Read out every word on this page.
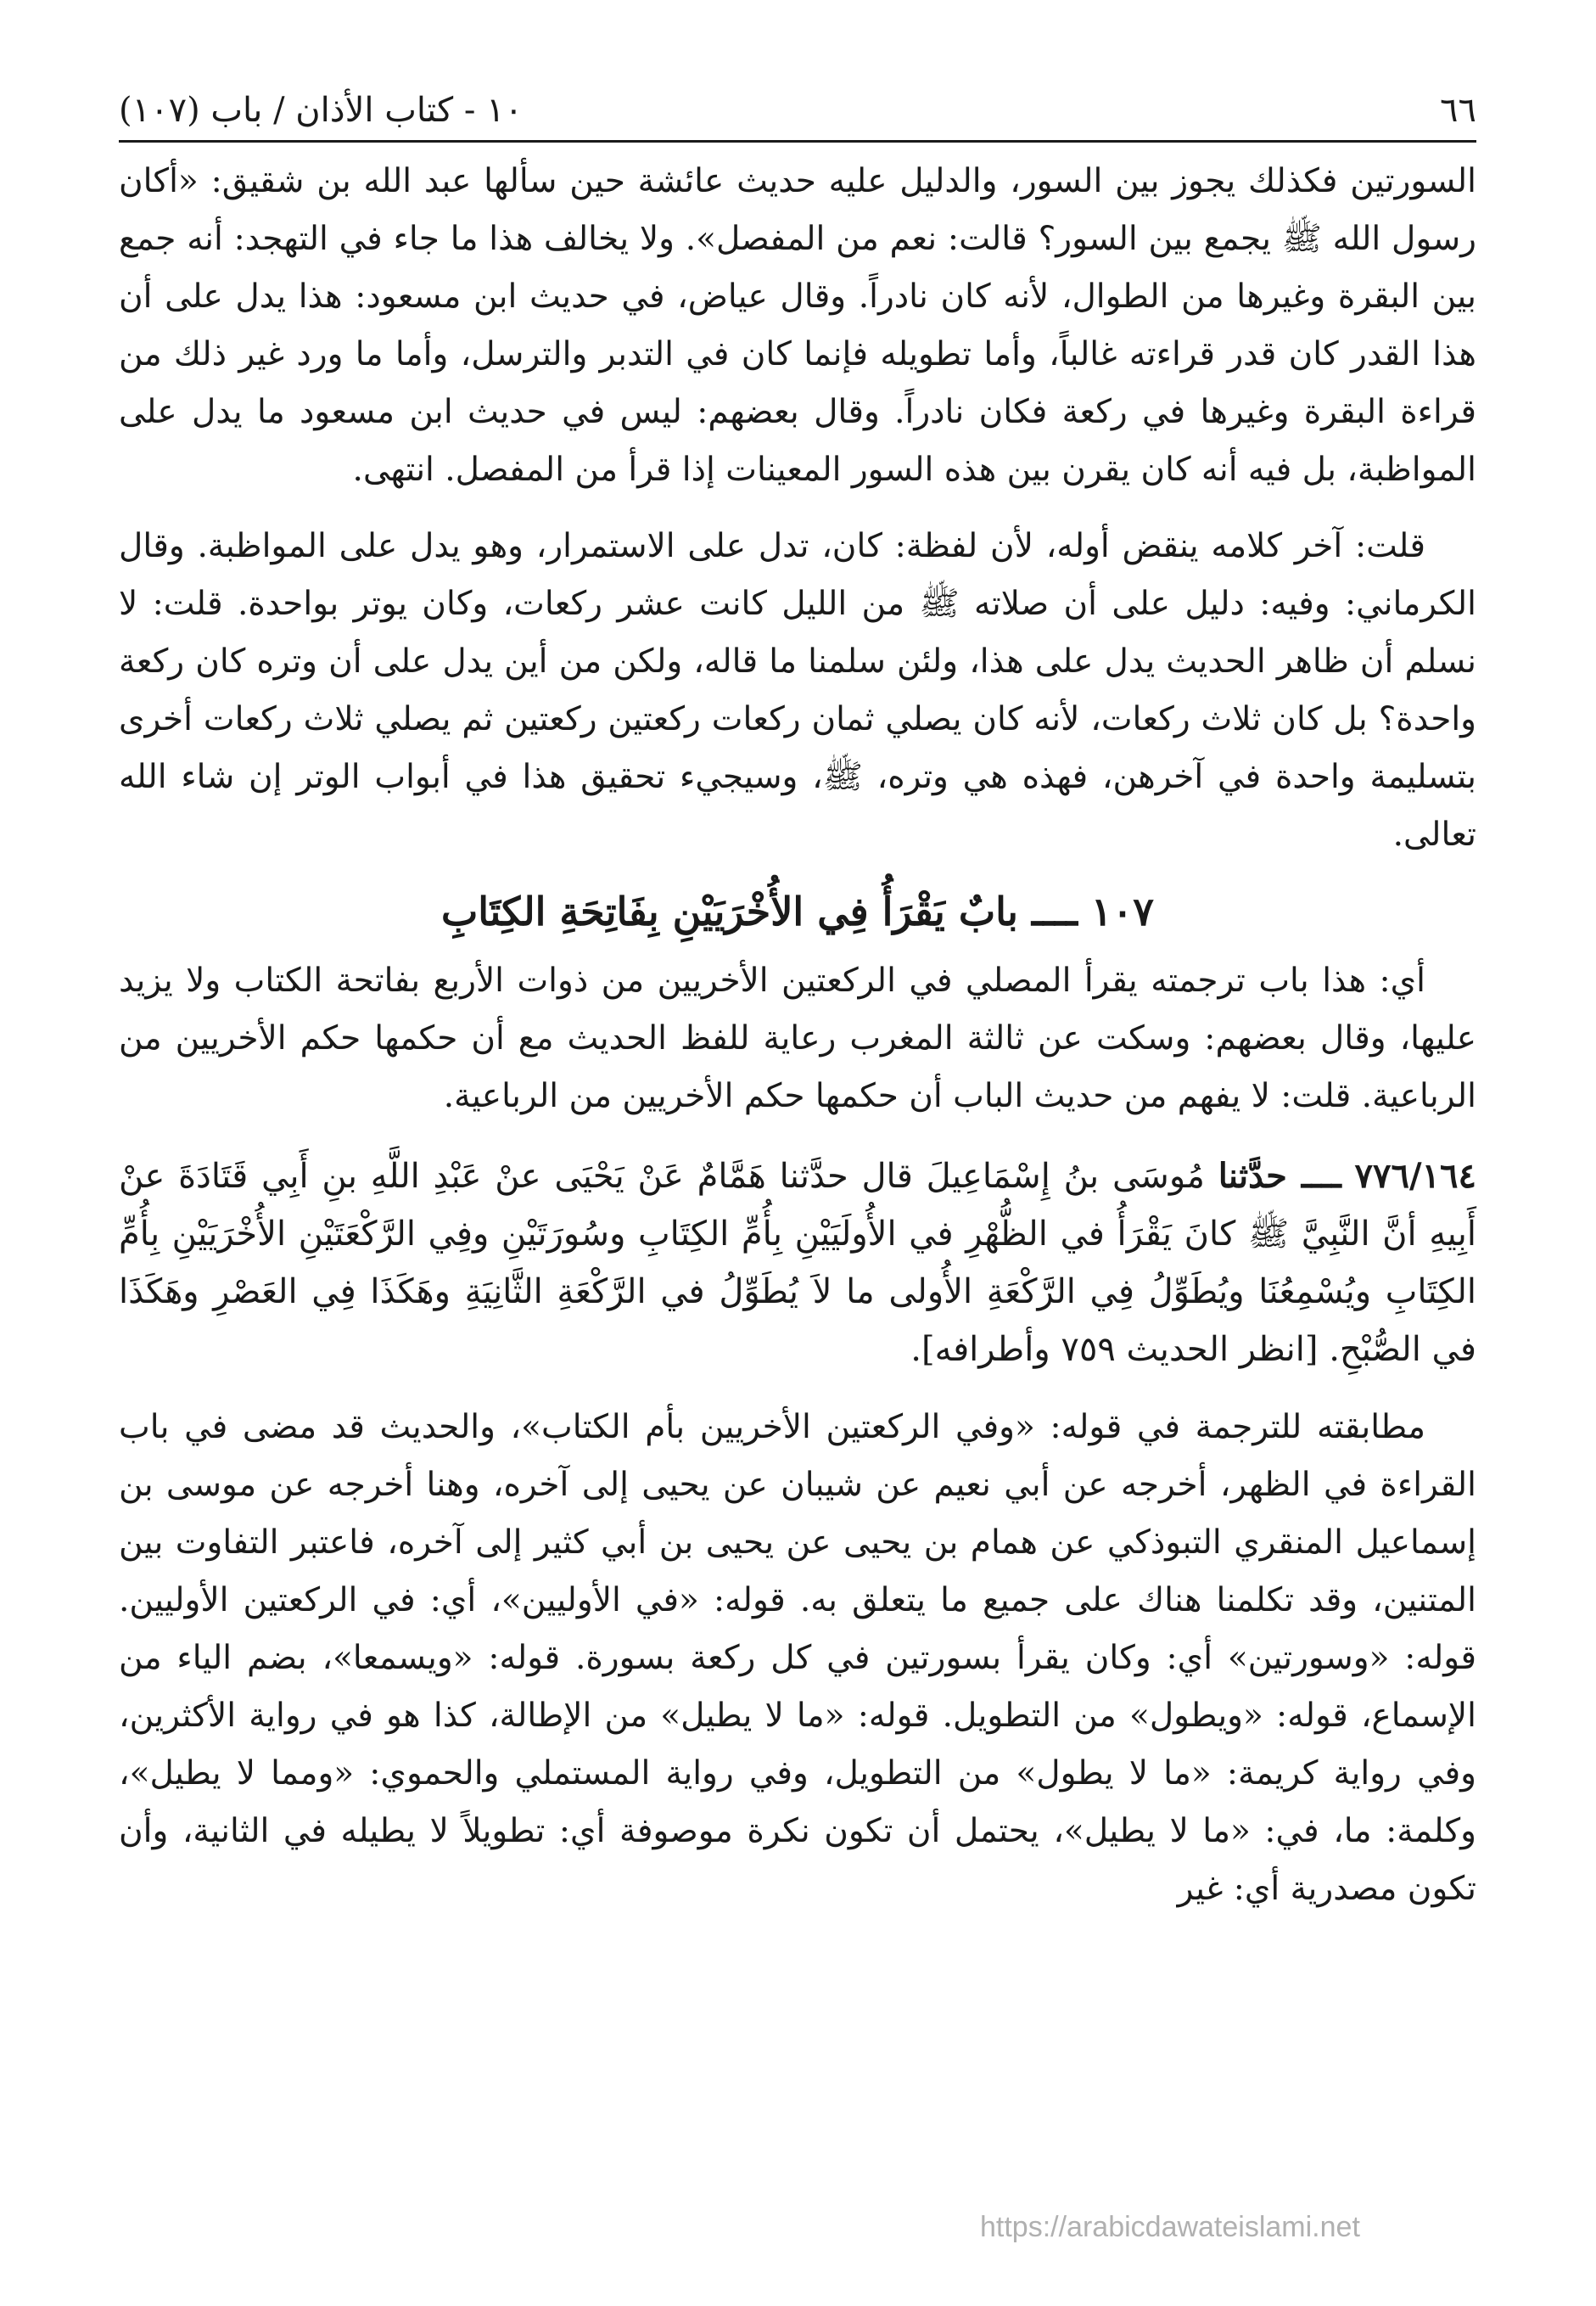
٦٦
١٠ - كتاب الأذان / باب (١٠٧)

السورتين فكذلك يجوز بين السور، والدليل عليه حديث عائشة حين سألها عبد الله بن شقيق: «أكان رسول الله ﷺ يجمع بين السور؟ قالت: نعم من المفصل». ولا يخالف هذا ما جاء في التهجد: أنه جمع بين البقرة وغيرها من الطوال، لأنه كان نادراً. وقال عياض، في حديث ابن مسعود: هذا يدل على أن هذا القدر كان قدر قراءته غالباً، وأما تطويله فإنما كان في التدبر والترسل، وأما ما ورد غير ذلك من قراءة البقرة وغيرها في ركعة فكان نادراً. وقال بعضهم: ليس في حديث ابن مسعود ما يدل على المواظبة، بل فيه أنه كان يقرن بين هذه السور المعينات إذا قرأ من المفصل. انتهى.

قلت: آخر كلامه ينقض أوله، لأن لفظة: كان، تدل على الاستمرار، وهو يدل على المواظبة. وقال الكرماني: وفيه: دليل على أن صلاته ﷺ من الليل كانت عشر ركعات، وكان يوتر بواحدة. قلت: لا نسلم أن ظاهر الحديث يدل على هذا، ولئن سلمنا ما قاله، ولكن من أين يدل على أن وتره كان ركعة واحدة؟ بل كان ثلاث ركعات، لأنه كان يصلي ثمان ركعات ركعتين ركعتين ثم يصلي ثلاث ركعات أخرى بتسليمة واحدة في آخرهن، فهذه هي وتره، ﷺ، وسيجيء تحقيق هذا في أبواب الوتر إن شاء الله تعالى.

١٠٧ ــــ بابٌ يَقْرَأُ فِي الأُخْرَيَيْنِ بِفَاتِحَةِ الكِتَابِ

أي: هذا باب ترجمته يقرأ المصلي في الركعتين الأخريين من ذوات الأربع بفاتحة الكتاب ولا يزيد عليها، وقال بعضهم: وسكت عن ثالثة المغرب رعاية للفظ الحديث مع أن حكمها حكم الأخريين من الرباعية. قلت: لا يفهم من حديث الباب أن حكمها حكم الأخريين من الرباعية.

٧٧٦/١٦٤ ــــ حدَّثنا مُوسَى بنُ إِسْمَاعِيلَ قال حدَّثنا هَمَّامٌ عَنْ يَحْيَى عنْ عَبْدِ اللَّهِ بنِ أَبِي قَتَادَةَ عنْ أَبِيهِ أنَّ النَّبِيَّ ﷺ كانَ يَقْرَأُ في الظُّهْرِ في الأُولَيَيْنِ بِأُمِّ الكِتَابِ وسُورَتَيْنِ وفِي الرَّكْعَتَيْنِ الأُخْرَيَيْنِ بِأُمِّ الكِتَابِ ويُسْمِعُنَا ويُطَوِّلُ فِي الرَّكْعَةِ الأُولى ما لاَ يُطَوِّلُ في الرَّكْعَةِ الثَّانِيَةِ وهَكَذَا فِي العَصْرِ وهَكَذَا في الصُّبْحِ. [انظر الحديث ٧٥٩ وأطرافه].

مطابقته للترجمة في قوله: «وفي الركعتين الأخريين بأم الكتاب»، والحديث قد مضى في باب القراءة في الظهر، أخرجه عن أبي نعيم عن شيبان عن يحيى إلى آخره، وهنا أخرجه عن موسى بن إسماعيل المنقري التبوذكي عن همام بن يحيى عن يحيى بن أبي كثير إلى آخره، فاعتبر التفاوت بين المتنين، وقد تكلمنا هناك على جميع ما يتعلق به. قوله: «في الأوليين»، أي: في الركعتين الأوليين. قوله: «وسورتين» أي: وكان يقرأ بسورتين في كل ركعة بسورة. قوله: «ويسمعا»، بضم الياء من الإسماع، قوله: «ويطول» من التطويل. قوله: «ما لا يطيل» من الإطالة، كذا هو في رواية الأكثرين، وفي رواية كريمة: «ما لا يطول» من التطويل، وفي رواية المستملي والحموي: «ومما لا يطيل»، وكلمة: ما، في: «ما لا يطيل»، يحتمل أن تكون نكرة موصوفة أي: تطويلاً لا يطيله في الثانية، وأن تكون مصدرية أي: غير

https://arabicdawateislami.net
